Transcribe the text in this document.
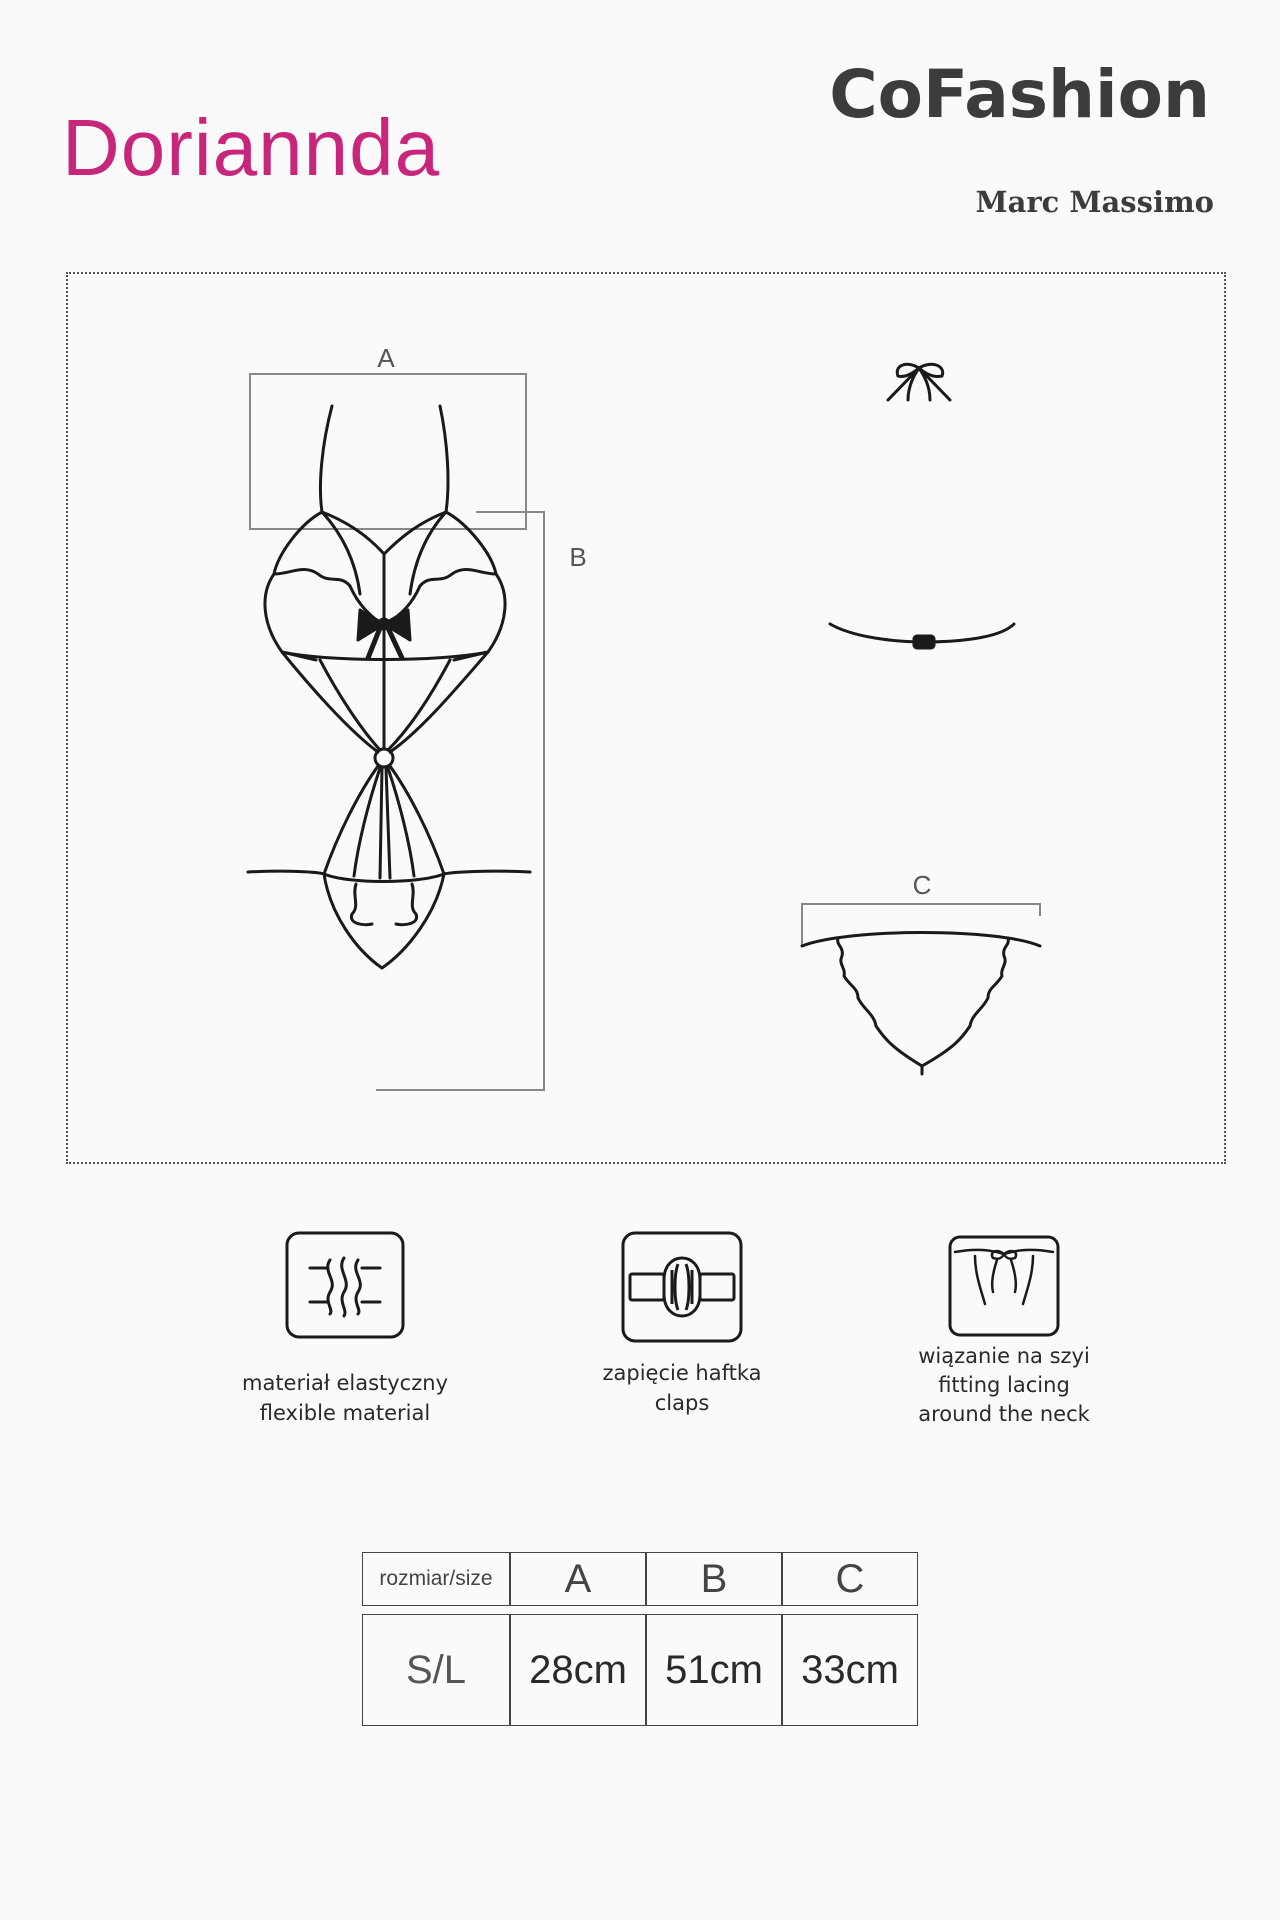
Doriannda
CoFashion
Marc Massimo
A
B
C
materiał elastyczny
flexible material
zapięcie haftka
claps
wiązanie na szyi
fitting lacing
around the neck
rozmiar/size	A	B	C

S/L	28cm	51cm	33cm
